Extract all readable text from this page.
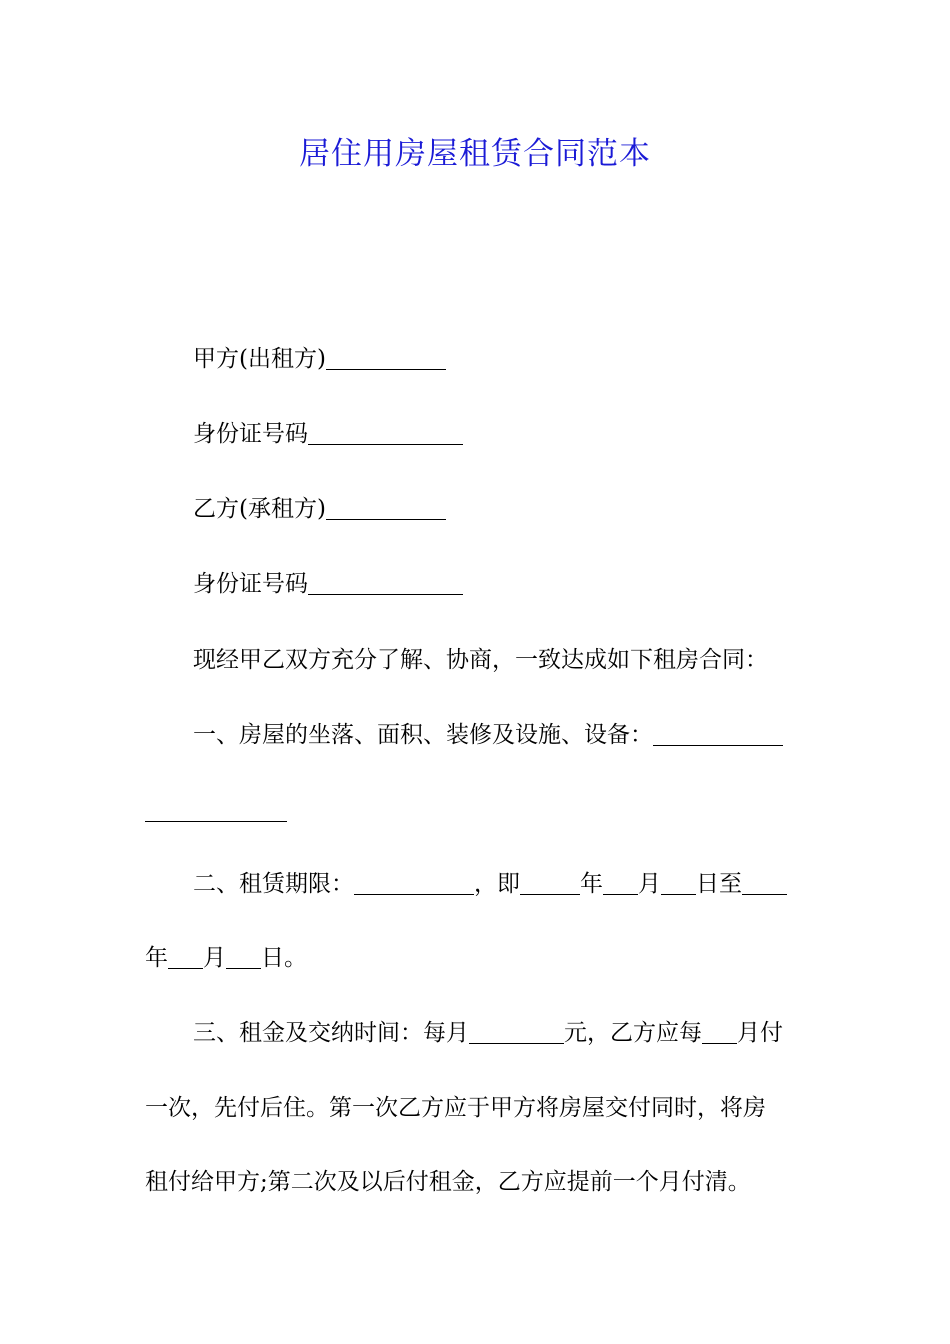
居住用房屋租赁合同范本
甲方(出租方)
身份证号码
乙方(承租方)
身份证号码
现经甲乙双方充分了解、协商，一致达成如下租房合同：
一、房屋的坐落、面积、装修及设施、设备：
二、租赁期限：	，即	年 月 日至
年 月 日。
三、租金及交纳时间：每月	元，乙方应每 月付
一次，先付后住。第一次乙方应于甲方将房屋交付同时，将房
租付给甲方;第二次及以后付租金，乙方应提前一个月付清。
